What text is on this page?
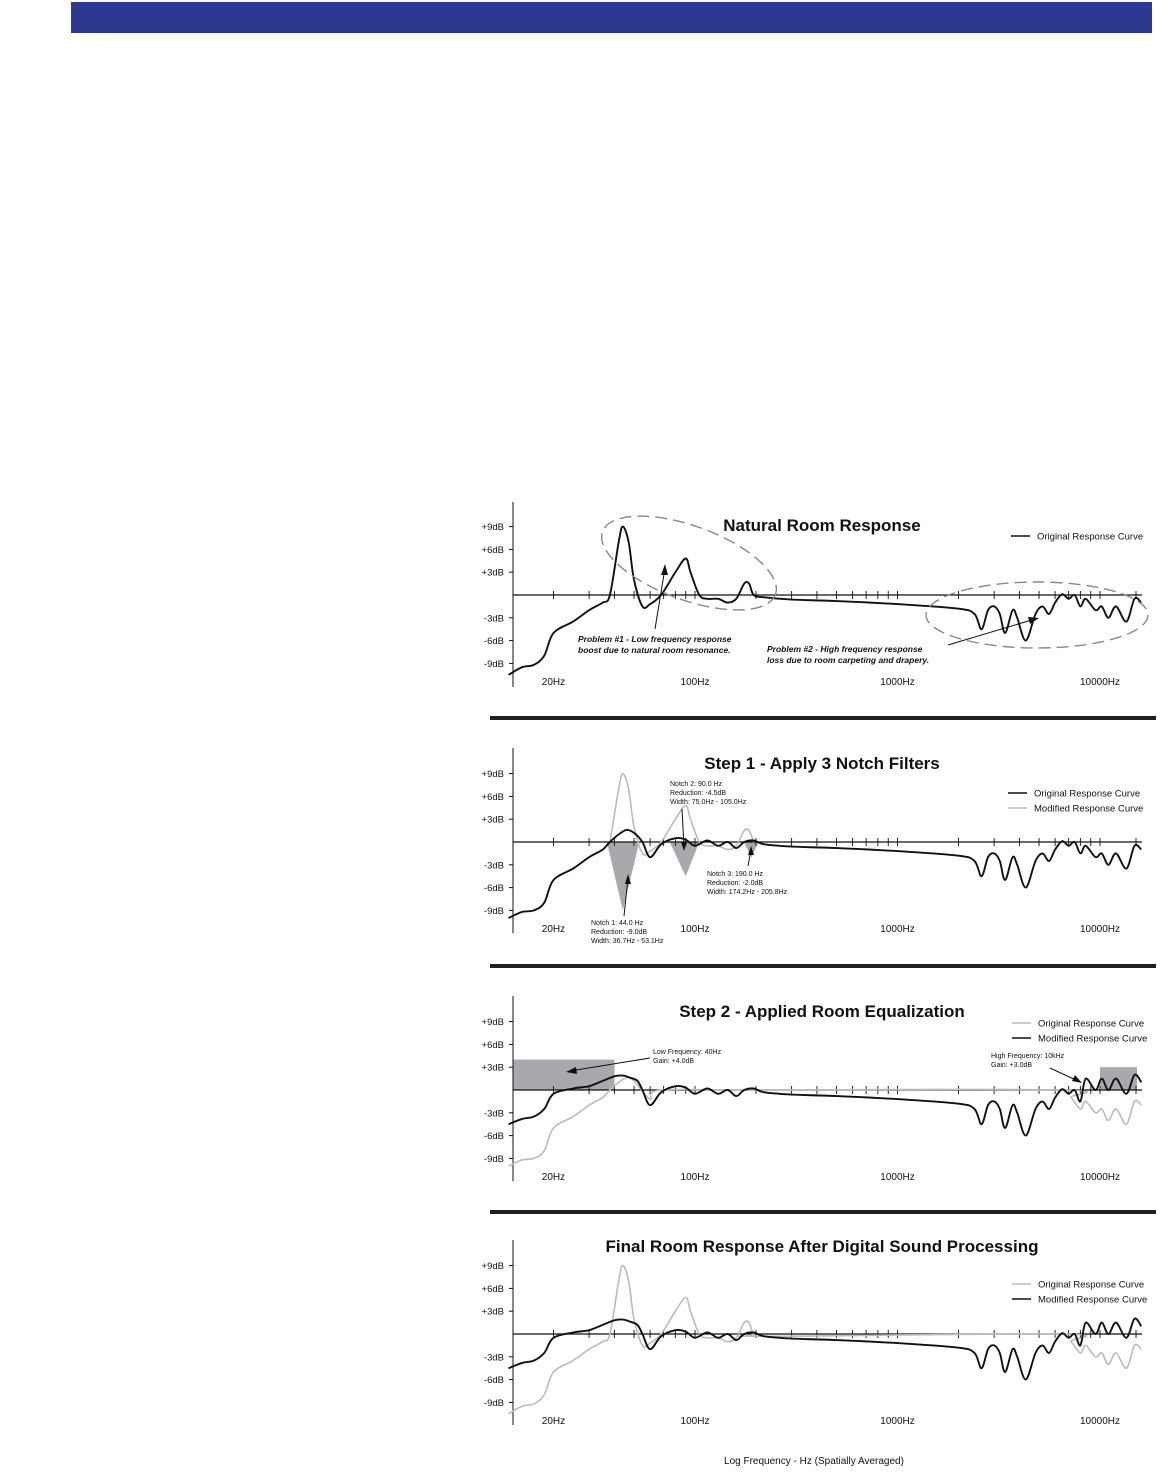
+9dB
+6dB
+3dB
-3dB
-6dB
-9dB
20Hz	100Hz	1000Hz	10000Hz
Natural Room Response
Original Response Curve
Problem #1 - Low frequency response
boost due to natural room resonance.	Problem #2 - High frequency response
loss due to room carpeting and drapery.
+9dB
+6dB
+3dB
-3dB
-6dB
-9dB
20Hz	100Hz	1000Hz	10000Hz
Step 1 - Apply 3 Notch Filters
Original Response Curve
Modified Response Curve
Notch 1: 44.0 Hz
Reduction: -9.0dB
Width: 36.7Hz - 53.1Hz
Notch 2: 90.0 Hz
Reduction: -4.5dB
Width: 75.0Hz - 105.0Hz
Notch 3: 190.0 Hz
Reduction: -2.0dB
Width: 174.2Hz - 205.8Hz
+9dB
+6dB
+3dB
-3dB
-6dB
-9dB
20Hz	100Hz	1000Hz	10000Hz
Step 2 - Applied Room Equalization
Original Response Curve
Modified Response Curve
Low Frequency: 40Hz
Gain: +4.0dB
High Frequency: 10kHz
Gain: +3.0dB
+9dB
+6dB
+3dB
-3dB
-6dB
-9dB
20Hz	100Hz	1000Hz	10000Hz
Final Room Response After Digital Sound Processing
Original Response Curve
Modified Response Curve
Log Frequency - Hz (Spatially Averaged)
